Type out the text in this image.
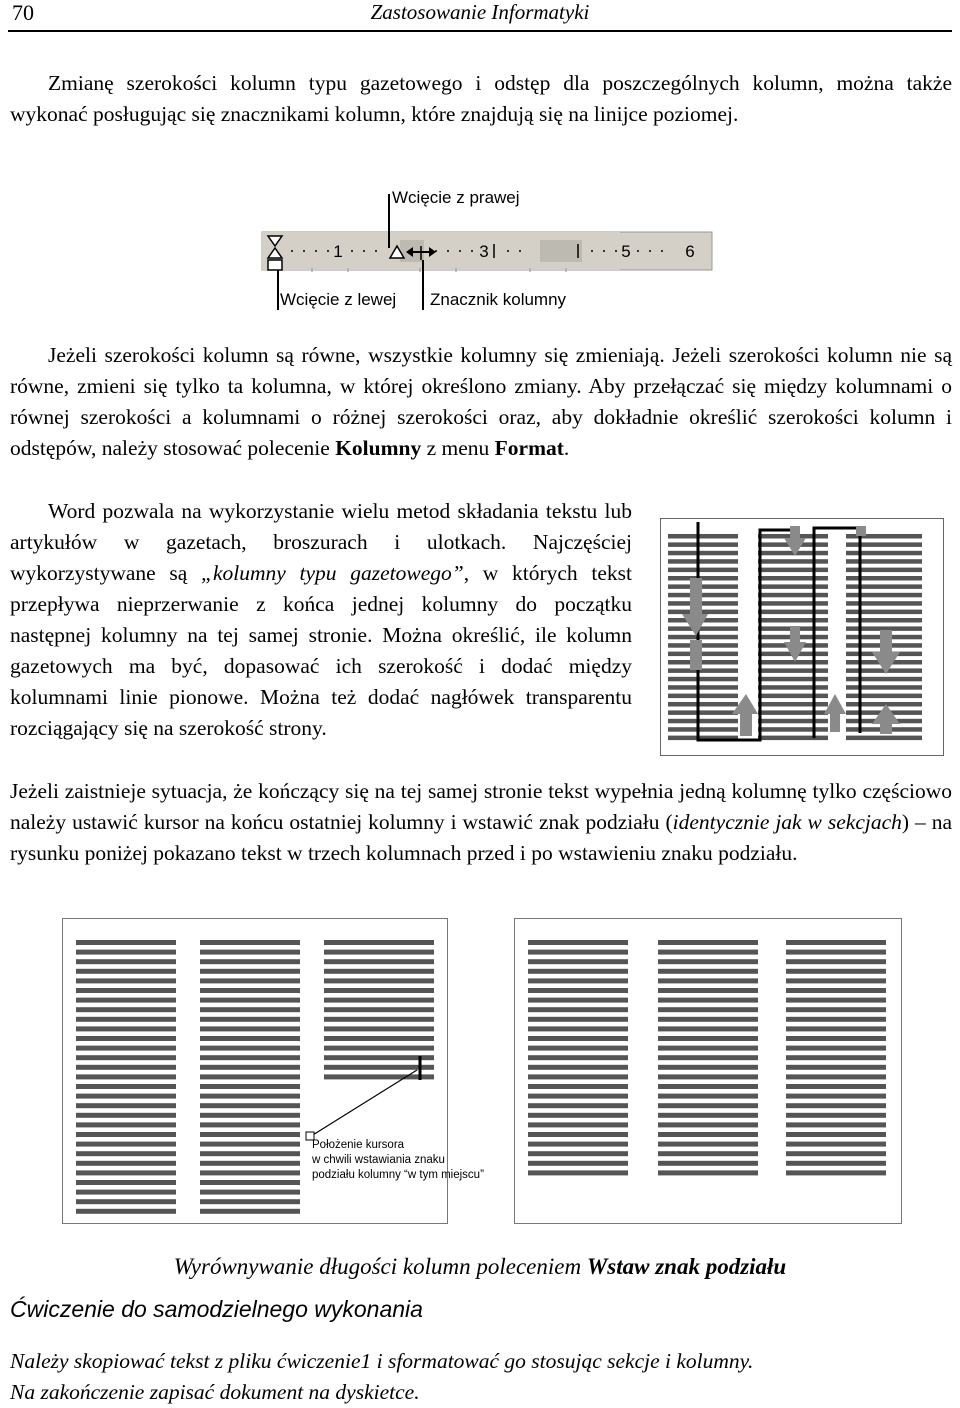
70	Zastosowanie Informatyki
Zmianę szerokości kolumn typu gazetowego i odstęp dla poszczególnych kolumn, można także wykonać posługując się znacznikami kolumn, które znajdują się na linijce poziomej.
1	3	5	6
Wcięcie z prawej
Wcięcie z lewej Znacznik kolumny
Jeżeli szerokości kolumn są równe, wszystkie kolumny się zmieniają. Jeżeli szerokości kolumn nie są równe, zmieni się tylko ta kolumna, w której określono zmiany. Aby przełączać się między kolumnami o równej szerokości a kolumnami o różnej szerokości oraz, aby dokładnie określić szerokości kolumn i odstępów, należy stosować polecenie Kolumny z menu Format.
Word pozwala na wykorzystanie wielu metod składania tekstu lub artykułów w gazetach, broszurach i ulotkach. Najczęściej wykorzystywane są „kolumny typu gazetowego”, w których tekst przepływa nieprzerwanie z końca jednej kolumny do początku następnej kolumny na tej samej stronie. Można określić, ile kolumn gazetowych ma być, dopasować ich szerokość i dodać między kolumnami linie pionowe. Można też dodać nagłówek transparentu rozciągający się na szerokość strony.
Jeżeli zaistnieje sytuacja, że kończący się na tej samej stronie tekst wypełnia jedną kolumnę tylko częściowo należy ustawić kursor na końcu ostatniej kolumny i wstawić znak podziału (identycznie jak w sekcjach) – na rysunku poniżej pokazano tekst w trzech kolumnach przed i po wstawieniu znaku podziału.
Położenie kursora
w chwili wstawiania znaku
podziału kolumny “w tym miejscu”
Wyrównywanie długości kolumn poleceniem Wstaw znak podziału
Ćwiczenie do samodzielnego wykonania
Należy skopiować tekst z pliku ćwiczenie1 i sformatować go stosując sekcje i kolumny.
Na zakończenie zapisać dokument na dyskietce.
